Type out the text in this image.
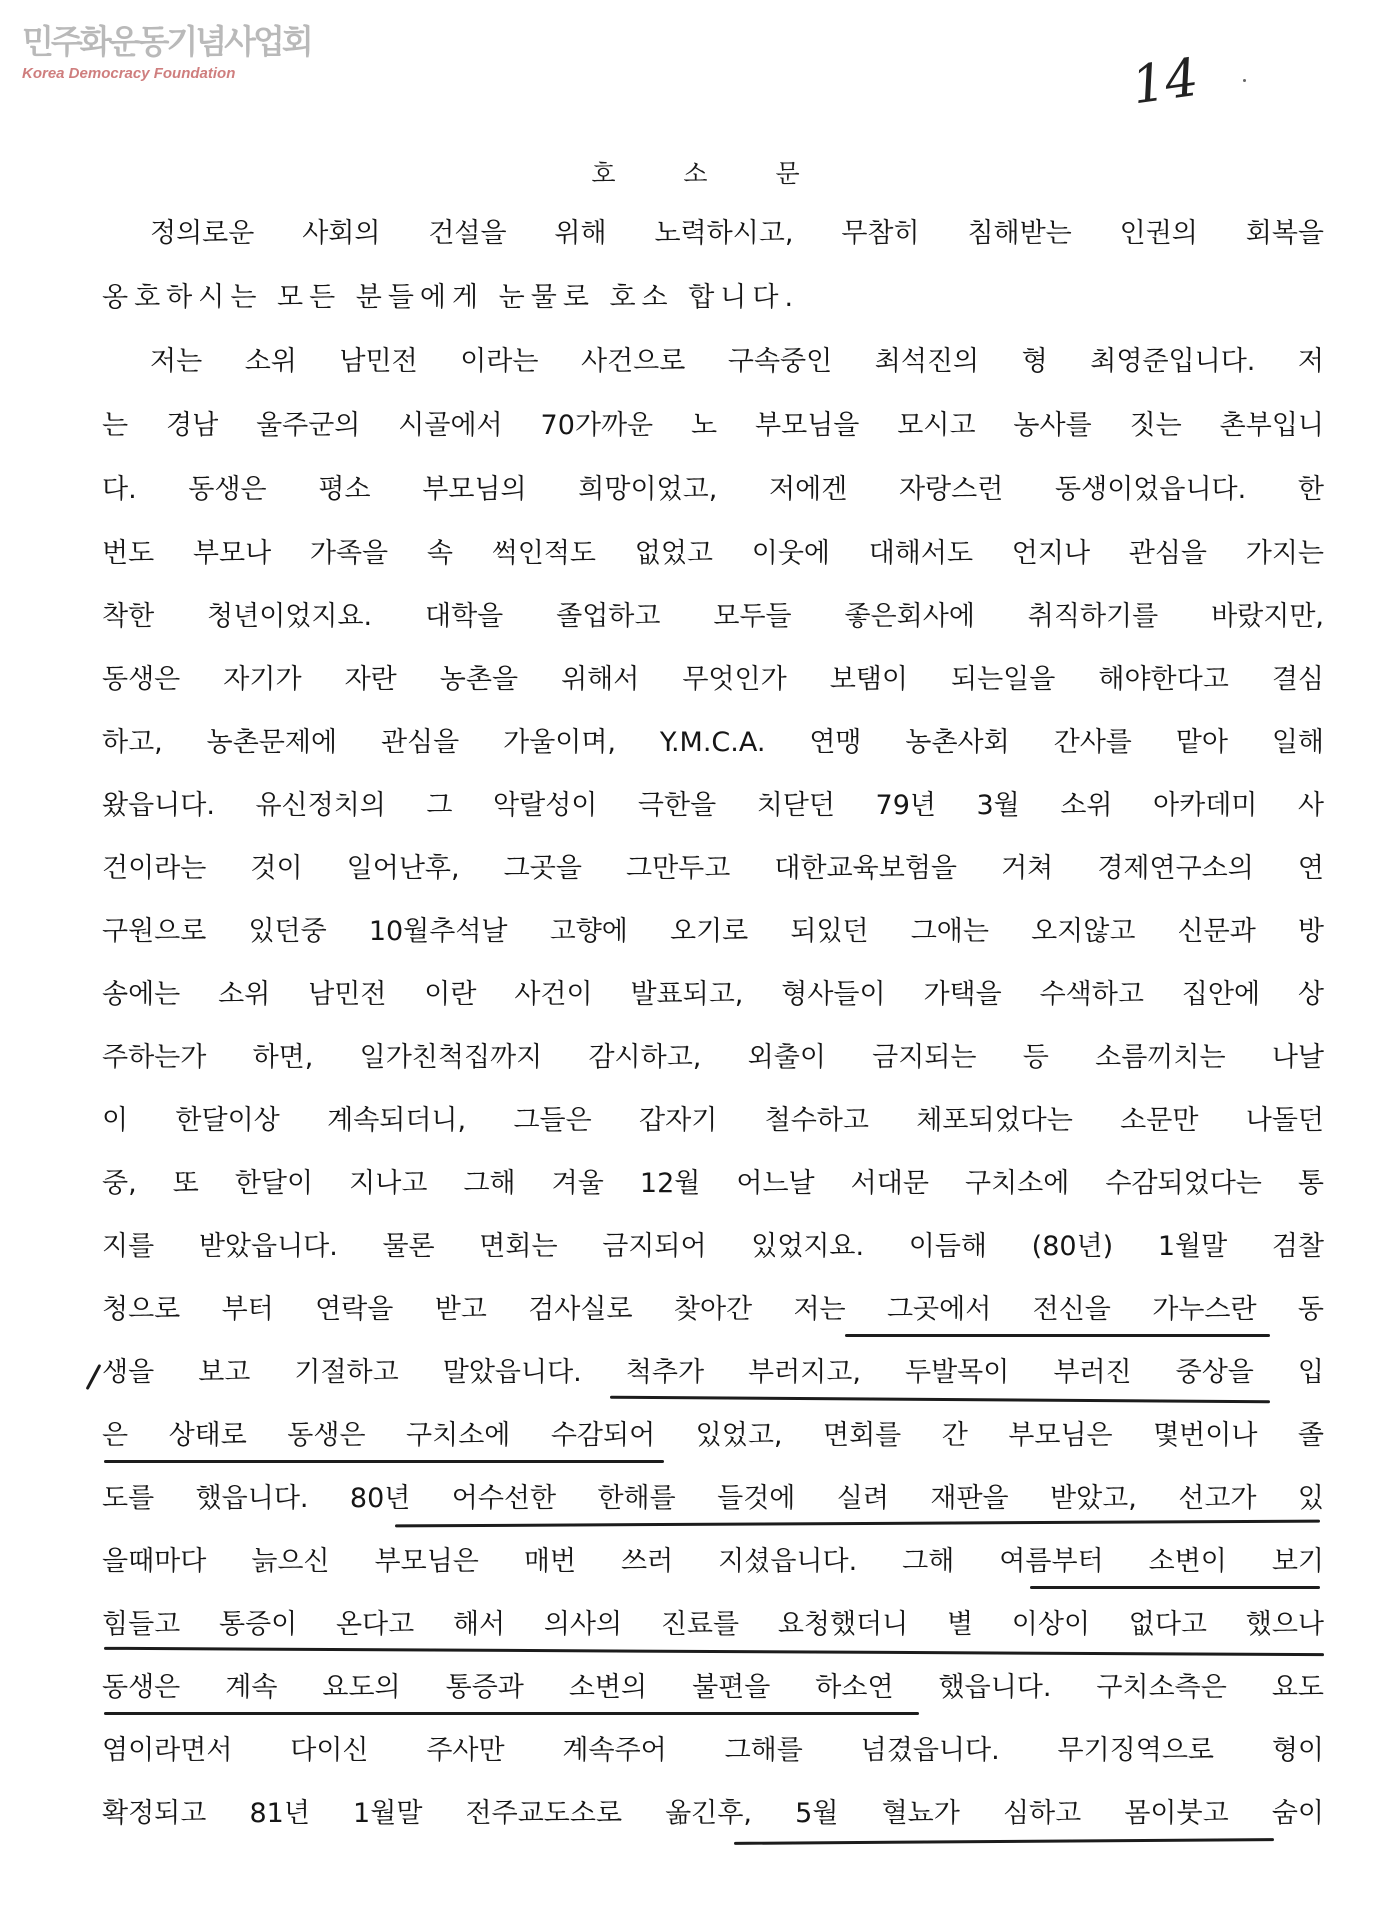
민주화운동기념사업회
Korea Democracy Foundation	14
호 소 문
정의로운 사회의 건설을 위해 노력하시고, 무참히 침해받는 인권의 회복을
옹호하시는 모든 분들에게 눈물로 호소 합니다.
저는 소위 남민전 이라는 사건으로 구속중인 최석진의 형 최영준입니다. 저
는 경남 울주군의 시골에서 70가까운 노 부모님을 모시고 농사를 짓는 촌부입니
다. 동생은 평소 부모님의 희망이었고, 저에겐 자랑스런 동생이었읍니다. 한
번도 부모나 가족을 속 썩인적도 없었고 이웃에 대해서도 언지나 관심을 가지는
착한 청년이었지요. 대학을 졸업하고 모두들 좋은회사에 취직하기를 바랐지만,
동생은 자기가 자란 농촌을 위해서 무엇인가 보탬이 되는일을 해야한다고 결심
하고, 농촌문제에 관심을 가울이며, Y.M.C.A. 연맹 농촌사회 간사를 맡아 일해
왔읍니다. 유신정치의 그 악랄성이 극한을 치닫던 79년 3월 소위 아카데미 사
건이라는 것이 일어난후, 그곳을 그만두고 대한교육보험을 거쳐 경제연구소의 연
구원으로 있던중 10월추석날 고향에 오기로 되있던 그애는 오지않고 신문과 방
송에는 소위 남민전 이란 사건이 발표되고, 형사들이 가택을 수색하고 집안에 상
주하는가 하면, 일가친척집까지 감시하고, 외출이 금지되는 등 소름끼치는 나날
이 한달이상 계속되더니, 그들은 갑자기 철수하고 체포되었다는 소문만 나돌던
중, 또 한달이 지나고 그해 겨울 12월 어느날 서대문 구치소에 수감되었다는 통
지를 받았읍니다. 물론 면회는 금지되어 있었지요. 이듬해 (80년) 1월말 검찰
청으로 부터 연락을 받고 검사실로 찾아간 저는 그곳에서 전신을 가누스란 동
생을 보고 기절하고 말았읍니다. 척추가 부러지고, 두발목이 부러진 중상을 입
은 상태로 동생은 구치소에 수감되어 있었고, 면회를 간 부모님은 몇번이나 졸
도를 했읍니다. 80년 어수선한 한해를 들것에 실려 재판을 받았고, 선고가 있
을때마다 늙으신 부모님은 매번 쓰러 지셨읍니다. 그해 여름부터 소변이 보기
힘들고 통증이 온다고 해서 의사의 진료를 요청했더니 별 이상이 없다고 했으나
동생은 계속 요도의 통증과 소변의 불편을 하소연 했읍니다. 구치소측은 요도
염이라면서 다이신 주사만 계속주어 그해를 넘겼읍니다. 무기징역으로 형이
확정되고 81년 1월말 전주교도소로 옮긴후, 5월 혈뇨가 심하고 몸이붓고 숨이
